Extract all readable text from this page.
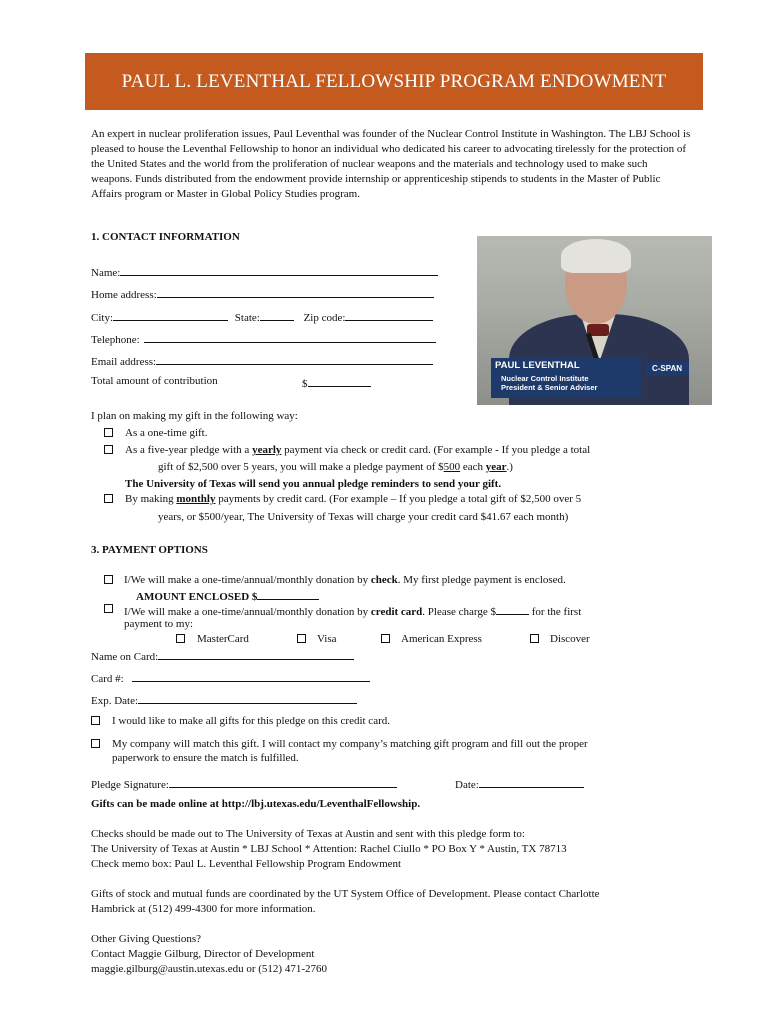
PAUL L. LEVENTHAL FELLOWSHIP PROGRAM ENDOWMENT
An expert in nuclear proliferation issues, Paul Leventhal was founder of the Nuclear Control Institute in Washington. The LBJ School is pleased to house the Leventhal Fellowship to honor an individual who dedicated his career to advocating tirelessly for the protection of the United States and the world from the proliferation of nuclear weapons and the materials and technology used to make such weapons. Funds distributed from the endowment provide internship or apprenticeship stipends to students in the Master of Public Affairs program or Master in Global Policy Studies program.
1. CONTACT INFORMATION
Name:
Home address:
City:	State:	Zip code:
Telephone:
Email address:
Total amount of contribution	$
PAUL LEVENTHAL
Nuclear Control Institute
President & Senior Adviser
C-SPAN
I plan on making my gift in the following way:
As a one-time gift.
As a five-year pledge with a yearly payment via check or credit card. (For example - If you pledge a total
gift of $2,500 over 5 years, you will make a pledge payment of $500 each year.)
The University of Texas will send you annual pledge reminders to send your gift.
By making monthly payments by credit card. (For example – If you pledge a total gift of $2,500 over 5
years, or $500/year, The University of Texas will charge your credit card $41.67 each month)
3. PAYMENT OPTIONS
I/We will make a one-time/annual/monthly donation by check. My first pledge payment is enclosed.
AMOUNT ENCLOSED $
I/We will make a one-time/annual/monthly donation by credit card. Please charge $	for the first
payment to my:
MasterCard	Visa	American Express	Discover
Name on Card:
Card #:
Exp. Date:
I would like to make all gifts for this pledge on this credit card.
My company will match this gift. I will contact my company’s matching gift program and fill out the proper
paperwork to ensure the match is fulfilled.
Pledge Signature:	Date:
Gifts can be made online at http://lbj.utexas.edu/LeventhalFellowship.
Checks should be made out to The University of Texas at Austin and sent with this pledge form to:
The University of Texas at Austin * LBJ School * Attention: Rachel Ciullo * PO Box Y * Austin, TX 78713
Check memo box: Paul L. Leventhal Fellowship Program Endowment
Gifts of stock and mutual funds are coordinated by the UT System Office of Development. Please contact Charlotte
Hambrick at (512) 499-4300 for more information.
Other Giving Questions?
Contact Maggie Gilburg, Director of Development
maggie.gilburg@austin.utexas.edu or (512) 471-2760
